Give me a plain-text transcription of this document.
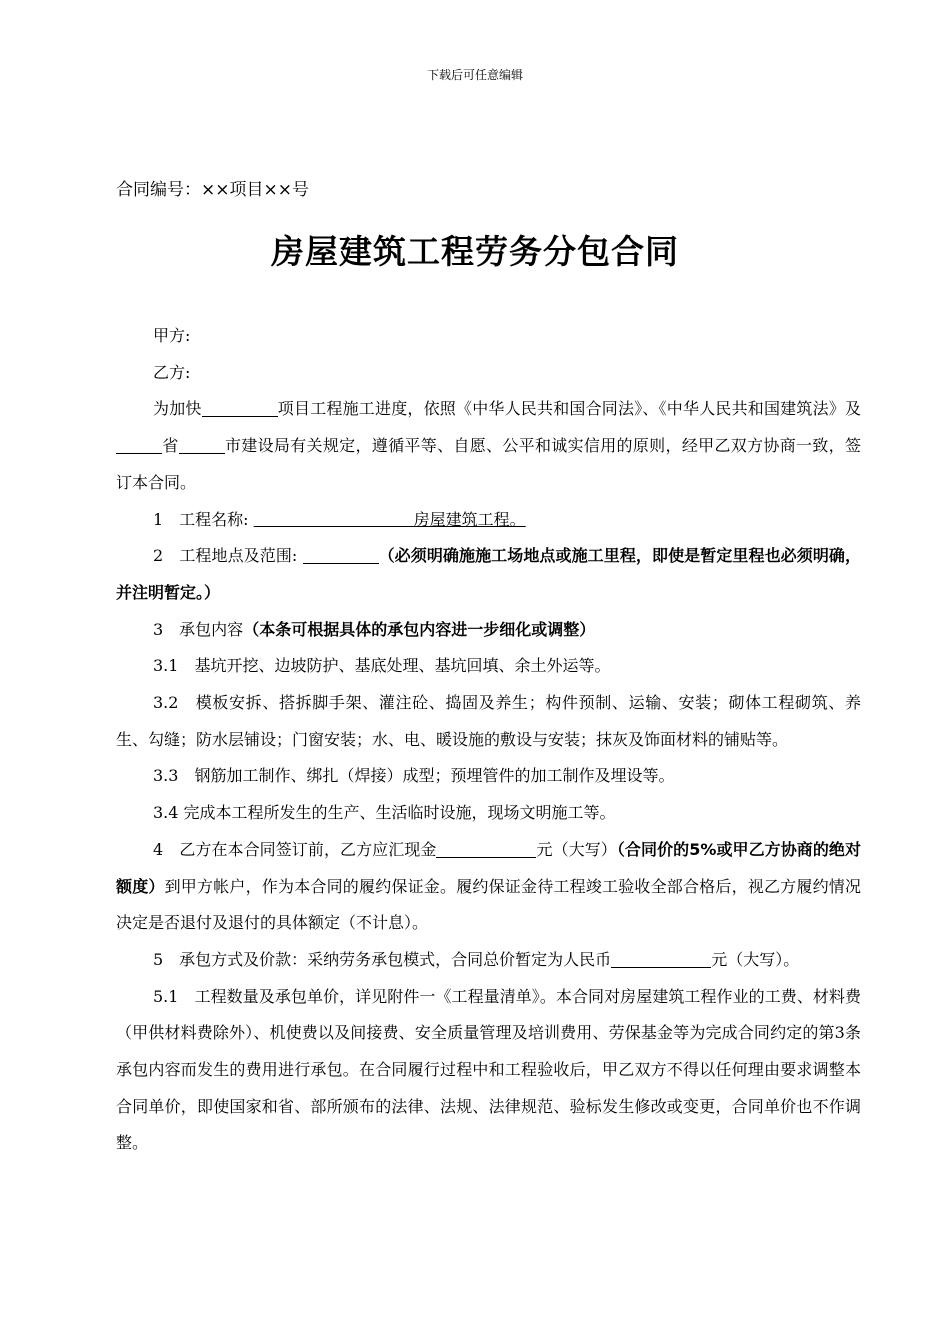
下载后可任意编辑
合同编号：××项目××号
房屋建筑工程劳务分包合同

甲方:

乙方:

为加快	项目工程施工进度，依照《中华人民共和国合同法》、《中华人民共和国建筑法》及省	市建设局有关规定，遵循平等、自愿、公平和诚实信用的原则，经甲乙双方协商一致，签订本合同。

1　工程名称: 　　　　　　　　　　房屋建筑工程。

2　工程地点及范围:	（必须明确施施工场地点或施工里程，即使是暂定里程也必须明确，并注明暂定。）

3　承包内容（本条可根据具体的承包内容进一步细化或调整）

3.1　基坑开挖、边坡防护、基底处理、基坑回填、余土外运等。

3.2　模板安拆、搭拆脚手架、灌注砼、捣固及养生；构件预制、运输、安装；砌体工程砌筑、养生、勾缝；防水层铺设；门窗安装；水、电、暖设施的敷设与安装；抹灰及饰面材料的铺贴等。

3.3　钢筋加工制作、绑扎（焊接）成型；预埋管件的加工制作及埋设等。

3.4 完成本工程所发生的生产、生活临时设施，现场文明施工等。

4　乙方在本合同签订前，乙方应汇现金	元（大写）（合同价的5%或甲乙方协商的绝对额度）到甲方帐户，作为本合同的履约保证金。履约保证金待工程竣工验收全部合格后，视乙方履约情况决定是否退付及退付的具体额定（不计息）。

5　承包方式及价款：采纳劳务承包模式，合同总价暂定为人民币	元（大写）。

5.1　工程数量及承包单价，详见附件一《工程量清单》。本合同对房屋建筑工程作业的工费、材料费（甲供材料费除外）、机使费以及间接费、安全质量管理及培训费用、劳保基金等为完成合同约定的第3条承包内容而发生的费用进行承包。在合同履行过程中和工程验收后，甲乙双方不得以任何理由要求调整本合同单价，即使国家和省、部所颁布的法律、法规、法律规范、验标发生修改或变更，合同单价也不作调整。
